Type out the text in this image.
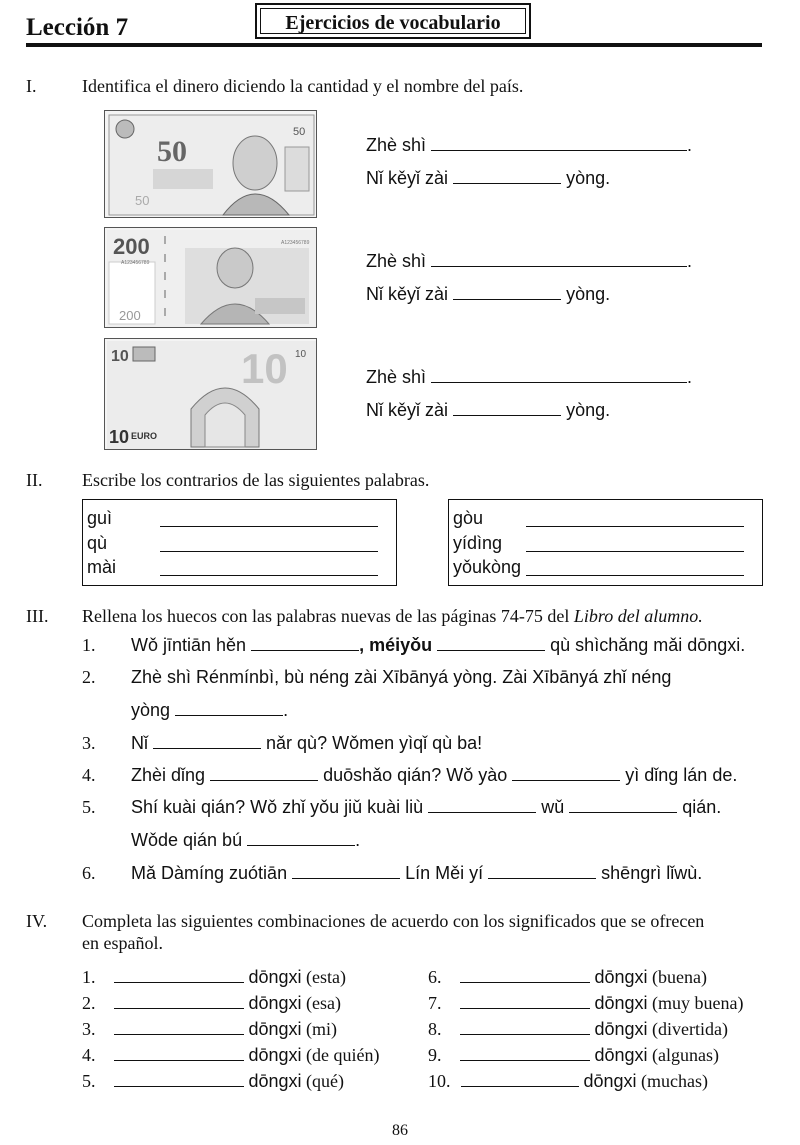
Lección 7	Ejercicios de vocabulario
I.	Identifica el dinero diciendo la cantidad y el nombre del país.
50
50
50
200
200
A123456789
A123456789
10	10 10
10 EURO
Zhè shì	.
Nǐ kěyǐ zài	yòng.
Zhè shì	.
Nǐ kěyǐ zài	yòng.
Zhè shì	.
Nǐ kěyǐ zài	yòng.
II. Escribe los contrarios de las siguientes palabras.
guì
qù
mài
gòu
yídìng
yǒukòng
III. Rellena los huecos con las palabras nuevas de las páginas 74-75 del Libro del alumno.
1. Wǒ jīntiān hěn	, méiyǒu	qù shìchǎng mǎi dōngxi.
2. Zhè shì Rénmínbì, bù néng zài Xībānyá yòng. Zài Xībānyá zhǐ néng
yòng	.
3. Nǐ	nǎr qù? Wǒmen yìqǐ qù ba!
4. Zhèi dǐng	duōshǎo qián? Wǒ yào	yì dǐng lán de.
5. Shí kuài qián? Wǒ zhǐ yǒu jiǔ kuài liù	wǔ	qián.
Wǒde qián bú	.
6. Mǎ Dàmíng zuótiān	Lín Měi yí	shēngrì lǐwù.
IV. Completa las siguientes combinaciones de acuerdo con los significados que se ofrecen
en español.
1.	dōngxi (esta)
2.	dōngxi (esa)
3.	dōngxi (mi)
4.	dōngxi (de quién)
5.	dōngxi (qué)
6.	dōngxi (buena)
7.	dōngxi (muy buena)
8.	dōngxi (divertida)
9.	dōngxi (algunas)
10.	dōngxi (muchas)
86
